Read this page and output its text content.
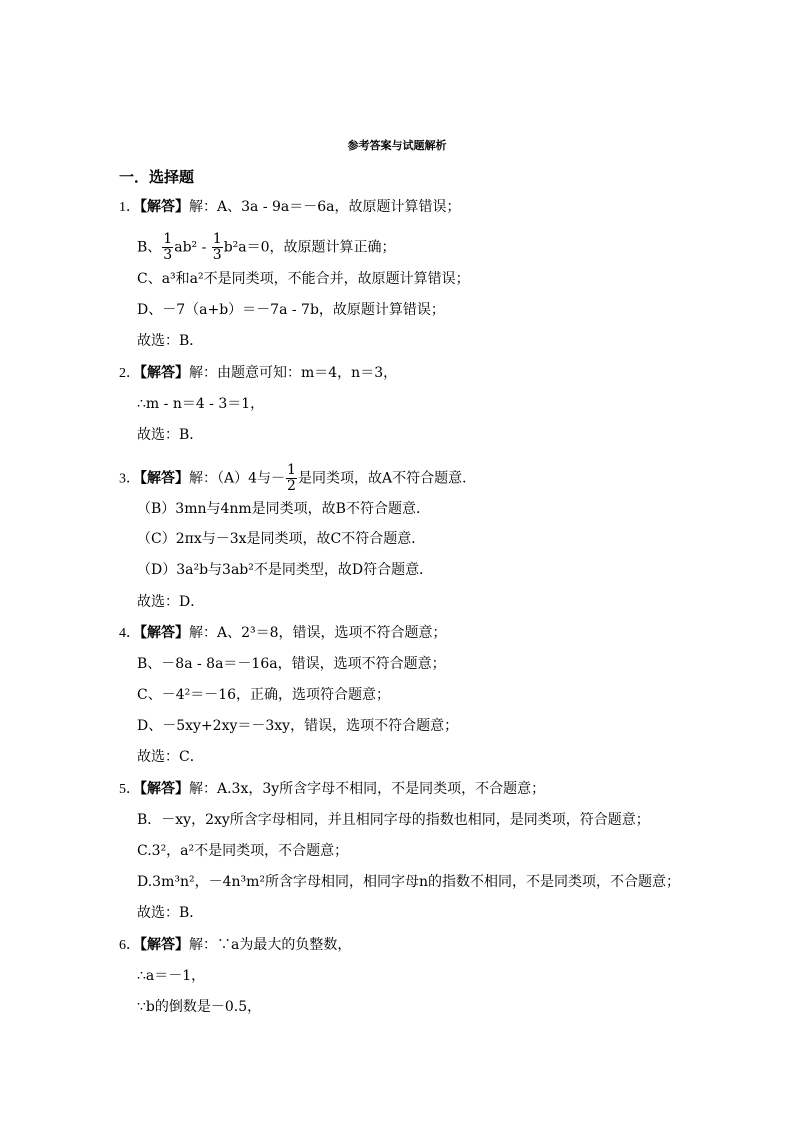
参考答案与试题解析
一．选择题
1．【解答】解：A、3a - 9a＝－6a，故原题计算错误；
B、 $\frac{1}{3} ab^2 - \frac{1}{3} b^2a=0$，故原题计算正确；
C、a³和a²不是同类项，不能合并，故原题计算错误；
D、－7（a+b）＝－7a - 7b，故原题计算错误；
故选：B．
2．【解答】解：由题意可知：m＝4，n＝3，
∴m - n＝4 - 3＝1，
故选：B．
3．【解答】解：（A）4与－ $\frac{1}{2}$ 是同类项，故A不符合题意．
（B）3mn与4nm是同类项，故B不符合题意．
（C）2πx与－3x是同类项，故C不符合题意．
（D）3a²b与3ab²不是同类型，故D符合题意．
故选：D．
4．【解答】解：A、2³＝8，错误，选项不符合题意；
B、－8a - 8a＝－16a，错误，选项不符合题意；
C、－4²＝－16，正确，选项符合题意；
D、－5xy+2xy＝－3xy，错误，选项不符合题意；
故选：C．
5．【解答】解：A.3x，3y所含字母不相同，不是同类项，不合题意；
B．－xy，2xy所含字母相同，并且相同字母的指数也相同，是同类项，符合题意；
C.3²，a²不是同类项，不合题意；
D.3m³n²，－4n³m²所含字母相同，相同字母n的指数不相同，不是同类项，不合题意；
故选：B．
6．【解答】解：∵a为最大的负整数，
∴a＝－1，
∵b的倒数是－0.5，
